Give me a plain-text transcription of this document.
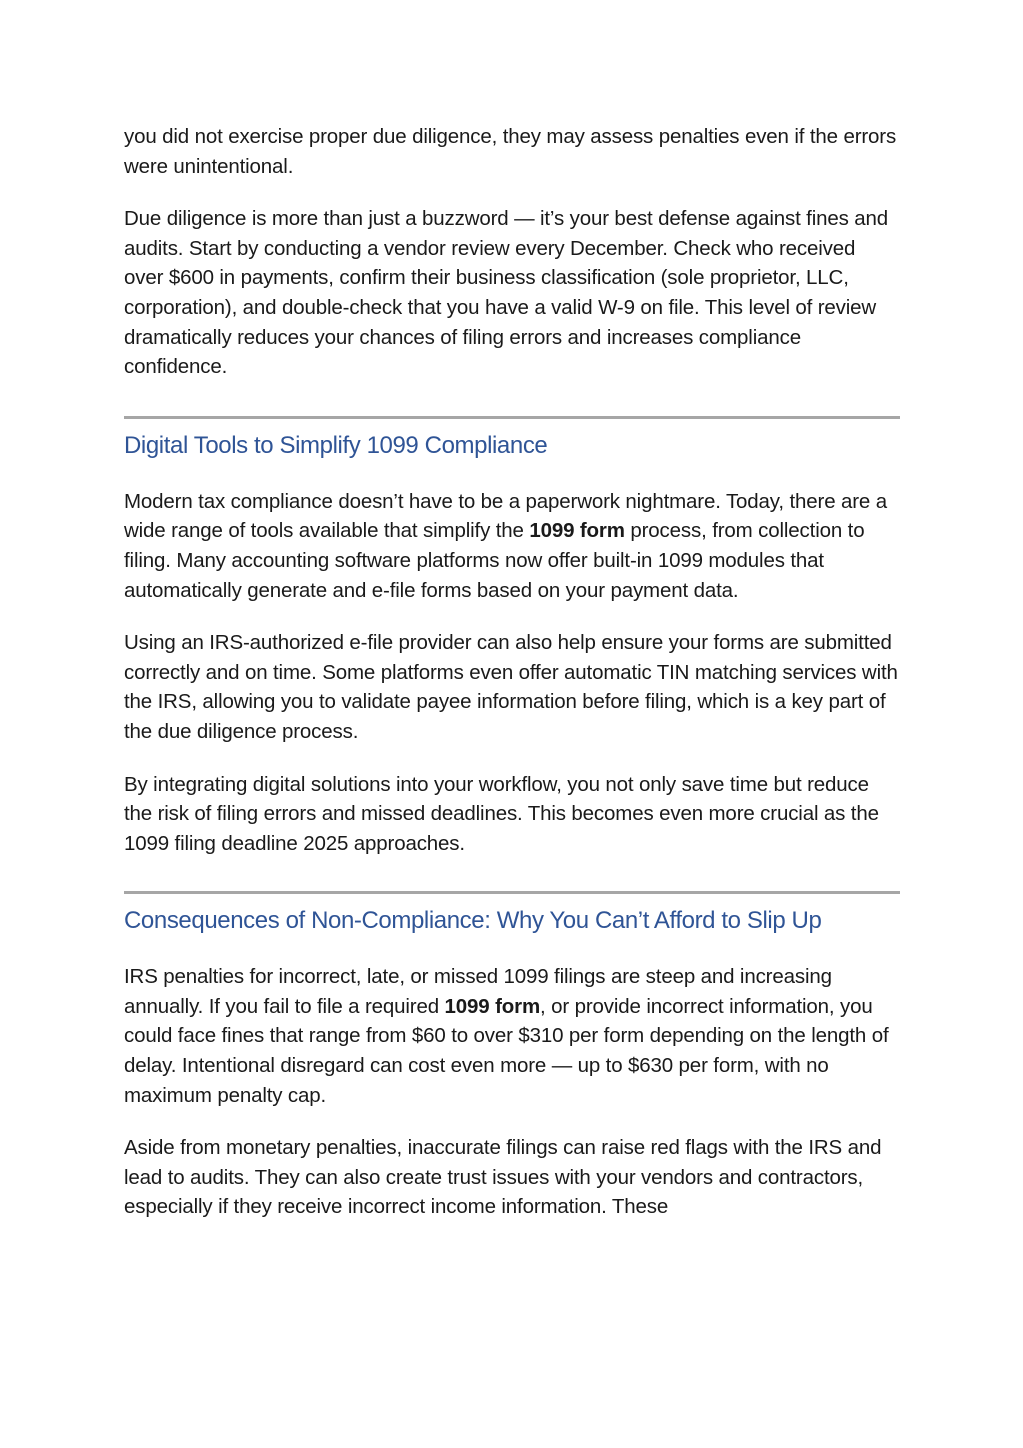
you did not exercise proper due diligence, they may assess penalties even if the errors were unintentional.

Due diligence is more than just a buzzword — it’s your best defense against fines and audits. Start by conducting a vendor review every December. Check who received over $600 in payments, confirm their business classification (sole proprietor, LLC, corporation), and double-check that you have a valid W-9 on file. This level of review dramatically reduces your chances of filing errors and increases compliance confidence.

Digital Tools to Simplify 1099 Compliance

Modern tax compliance doesn’t have to be a paperwork nightmare. Today, there are a wide range of tools available that simplify the 1099 form process, from collection to filing. Many accounting software platforms now offer built-in 1099 modules that automatically generate and e-file forms based on your payment data.

Using an IRS-authorized e-file provider can also help ensure your forms are submitted correctly and on time. Some platforms even offer automatic TIN matching services with the IRS, allowing you to validate payee information before filing, which is a key part of the due diligence process.

By integrating digital solutions into your workflow, you not only save time but reduce the risk of filing errors and missed deadlines. This becomes even more crucial as the 1099 filing deadline 2025 approaches.

Consequences of Non-Compliance: Why You Can’t Afford to Slip Up

IRS penalties for incorrect, late, or missed 1099 filings are steep and increasing annually. If you fail to file a required 1099 form, or provide incorrect information, you could face fines that range from $60 to over $310 per form depending on the length of delay. Intentional disregard can cost even more — up to $630 per form, with no maximum penalty cap.

Aside from monetary penalties, inaccurate filings can raise red flags with the IRS and lead to audits. They can also create trust issues with your vendors and contractors, especially if they receive incorrect income information. These
